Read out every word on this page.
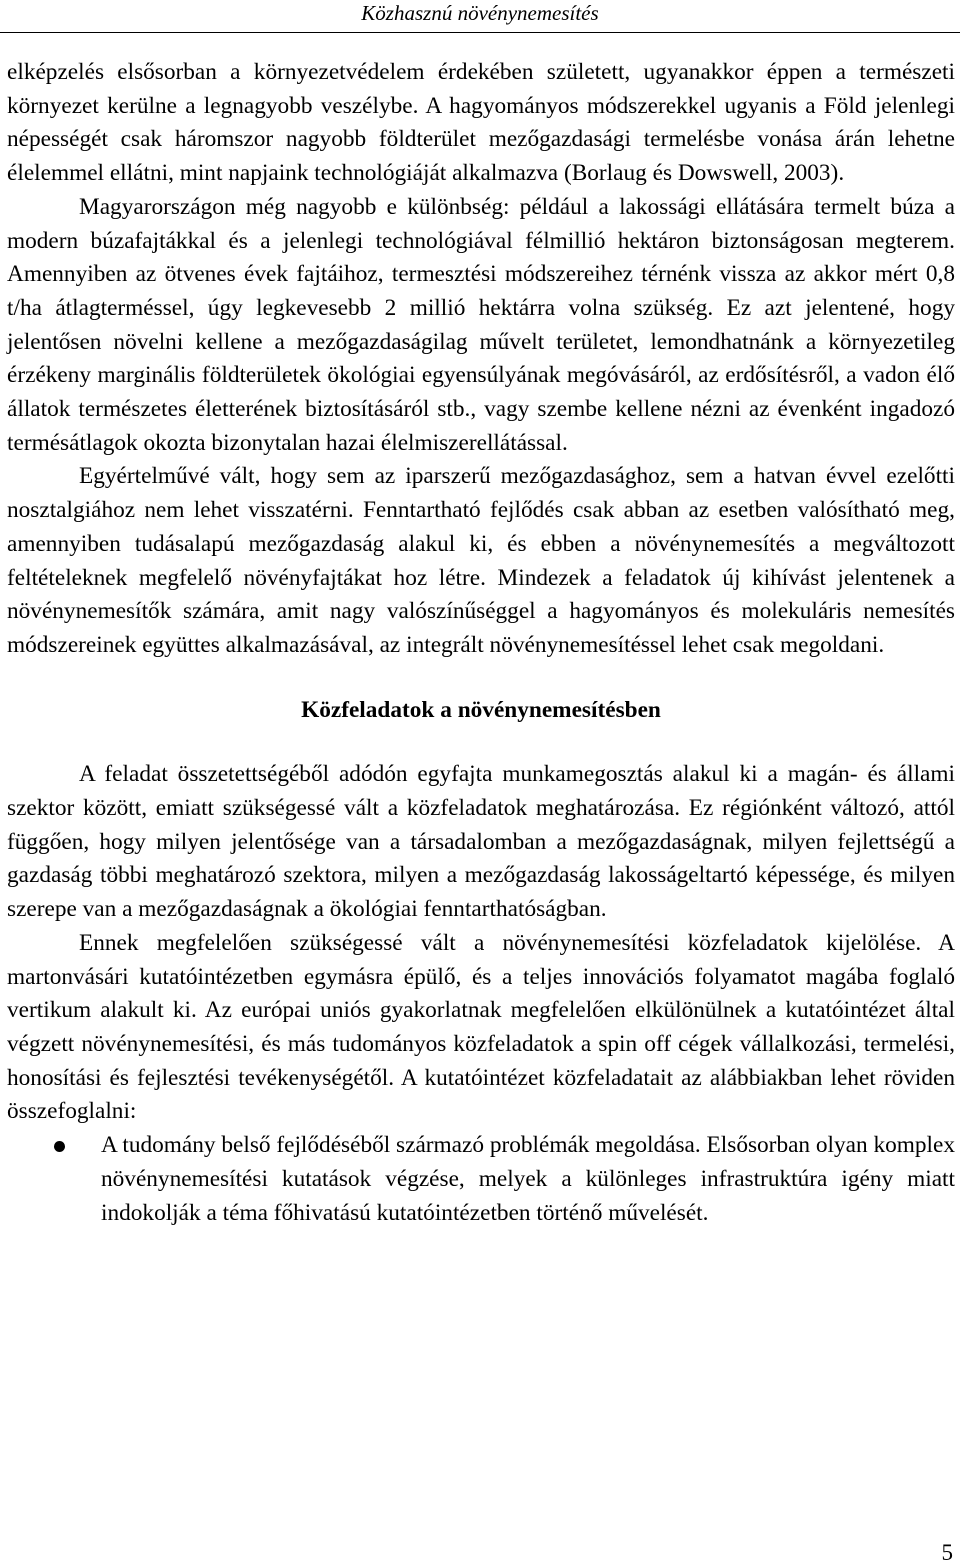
Közhasznú növénynemesítés

elképzelés elsősorban a környezetvédelem érdekében született, ugyanakkor éppen a természeti környezet kerülne a legnagyobb veszélybe. A hagyományos módszerekkel ugyanis a Föld jelenlegi népességét csak háromszor nagyobb földterület mezőgazdasági termelésbe vonása árán lehetne élelemmel ellátni, mint napjaink technológiáját alkalmazva (Borlaug és Dowswell, 2003).

Magyarországon még nagyobb e különbség: például a lakossági ellátására termelt búza a modern búzafajtákkal és a jelenlegi technológiával félmillió hektáron biztonságosan megterem. Amennyiben az ötvenes évek fajtáihoz, termesztési módszereihez térnénk vissza az akkor mért 0,8 t/ha átlagterméssel, úgy legkevesebb 2 millió hektárra volna szükség. Ez azt jelentené, hogy jelentősen növelni kellene a mezőgazdaságilag művelt területet, lemondhatnánk a környezetileg érzékeny marginális földterületek ökológiai egyensúlyának megóvásáról, az erdősítésről, a vadon élő állatok természetes életterének biztosításáról stb., vagy szembe kellene nézni az évenként ingadozó termésátlagok okozta bizonytalan hazai élelmiszerellátással.

Egyértelművé vált, hogy sem az iparszerű mezőgazdasághoz, sem a hatvan évvel ezelőtti nosztalgiához nem lehet visszatérni. Fenntartható fejlődés csak abban az esetben valósítható meg, amennyiben tudásalapú mezőgazdaság alakul ki, és ebben a növénynemesítés a megváltozott feltételeknek megfelelő növényfajtákat hoz létre. Mindezek a feladatok új kihívást jelentenek a növénynemesítők számára, amit nagy valószínűséggel a hagyományos és molekuláris nemesítés módszereinek együttes alkalmazásával, az integrált növénynemesítéssel lehet csak megoldani.

Közfeladatok a növénynemesítésben

A feladat összetettségéből adódón egyfajta munkamegosztás alakul ki a magán- és állami szektor között, emiatt szükségessé vált a közfeladatok meghatározása. Ez régiónként változó, attól függően, hogy milyen jelentősége van a társadalomban a mezőgazdaságnak, milyen fejlettségű a gazdaság többi meghatározó szektora, milyen a mezőgazdaság lakosságeltartó képessége, és milyen szerepe van a mezőgazdaságnak a ökológiai fenntarthatóságban.

Ennek megfelelően szükségessé vált a növénynemesítési közfeladatok kijelölése. A martonvásári kutatóintézetben egymásra épülő, és a teljes innovációs folyamatot magába foglaló vertikum alakult ki. Az európai uniós gyakorlatnak megfelelően elkülönülnek a kutatóintézet által végzett növénynemesítési, és más tudományos közfeladatok a spin off cégek vállalkozási, termelési, honosítási és fejlesztési tevékenységétől. A kutatóintézet közfeladatait az alábbiakban lehet röviden összefoglalni:

A tudomány belső fejlődéséből származó problémák megoldása. Elsősorban olyan komplex növénynemesítési kutatások végzése, melyek a különleges infrastruktúra igény miatt indokolják a téma főhivatású kutatóintézetben történő művelését.
5
